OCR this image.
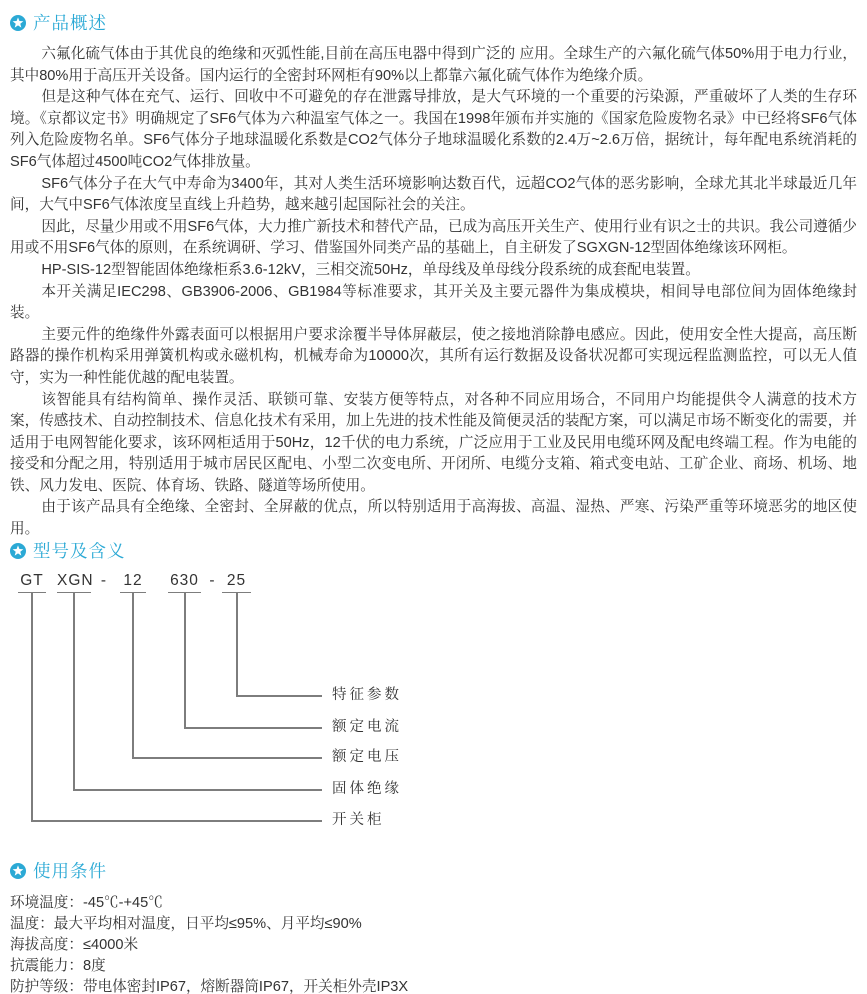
产品概述

六氟化硫气体由于其优良的绝缘和灭弧性能,目前在高压电器中得到广泛的 应用。全球生产的六氟化硫气体50%用于电力行业，其中80%用于高压开关设备。国内运行的全密封环网柜有90%以上都靠六氟化硫气体作为绝缘介质。

但是这种气体在充气、运行、回收中不可避免的存在泄露导排放，是大气环境的一个重要的污染源，严重破坏了人类的生存环境。《京都议定书》明确规定了SF6气体为六种温室气体之一。我国在1998年颁布并实施的《国家危险废物名录》中已经将SF6气体列入危险废物名单。SF6气体分子地球温暖化系数是CO2气体分子地球温暖化系数的2.4万~2.6万倍，据统计，每年配电系统消耗的SF6气体超过4500吨CO2气体排放量。

SF6气体分子在大气中寿命为3400年，其对人类生活环境影响达数百代，远超CO2气体的恶劣影响，全球尤其北半球最近几年间，大气中SF6气体浓度呈直线上升趋势，越来越引起国际社会的关注。

因此，尽量少用或不用SF6气体，大力推广新技术和替代产品，已成为高压开关生产、使用行业有识之士的共识。我公司遵循少用或不用SF6气体的原则，在系统调研、学习、借鉴国外同类产品的基础上，自主研发了SGXGN-12型固体绝缘该环网柜。

HP-SIS-12型智能固体绝缘柜系3.6-12kV，三相交流50Hz，单母线及单母线分段系统的成套配电装置。

本开关满足IEC298、GB3906-2006、GB1984等标准要求，其开关及主要元器件为集成模块，相间导电部位间为固体绝缘封装。

主要元件的绝缘件外露表面可以根据用户要求涂覆半导体屏蔽层，使之接地消除静电感应。因此，使用安全性大提高，高压断路器的操作机构采用弹簧机构或永磁机构，机械寿命为10000次，其所有运行数据及设备状况都可实现远程监测监控，可以无人值守，实为一种性能优越的配电装置。

该智能具有结构简单、操作灵活、联锁可靠、安装方便等特点，对各种不同应用场合，不同用户均能提供令人满意的技术方案，传感技术、自动控制技术、信息化技术有采用，加上先进的技术性能及简便灵活的装配方案，可以满足市场不断变化的需要，并适用于电网智能化要求，该环网柜适用于50Hz，12千伏的电力系统，广泛应用于工业及民用电缆环网及配电终端工程。作为电能的接受和分配之用，特别适用于城市居民区配电、小型二次变电所、开闭所、电缆分支箱、箱式变电站、工矿企业、商场、机场、地铁、风力发电、医院、体育场、铁路、隧道等场所使用。

由于该产品具有全绝缘、全密封、全屏蔽的优点，所以特别适用于高海拔、高温、湿热、严寒、污染严重等环境恶劣的地区使用。

型号及含义
GT XGN - 12 630 - 25
特征参数
额定电流
额定电压
固体绝缘
开关柜
使用条件
环境温度：-45℃-+45℃
温度：最大平均相对温度，日平均≤95%、月平均≤90%
海拔高度：≤4000米
抗震能力：8度
防护等级：带电体密封IP67，熔断器筒IP67，开关柜外壳IP3X
